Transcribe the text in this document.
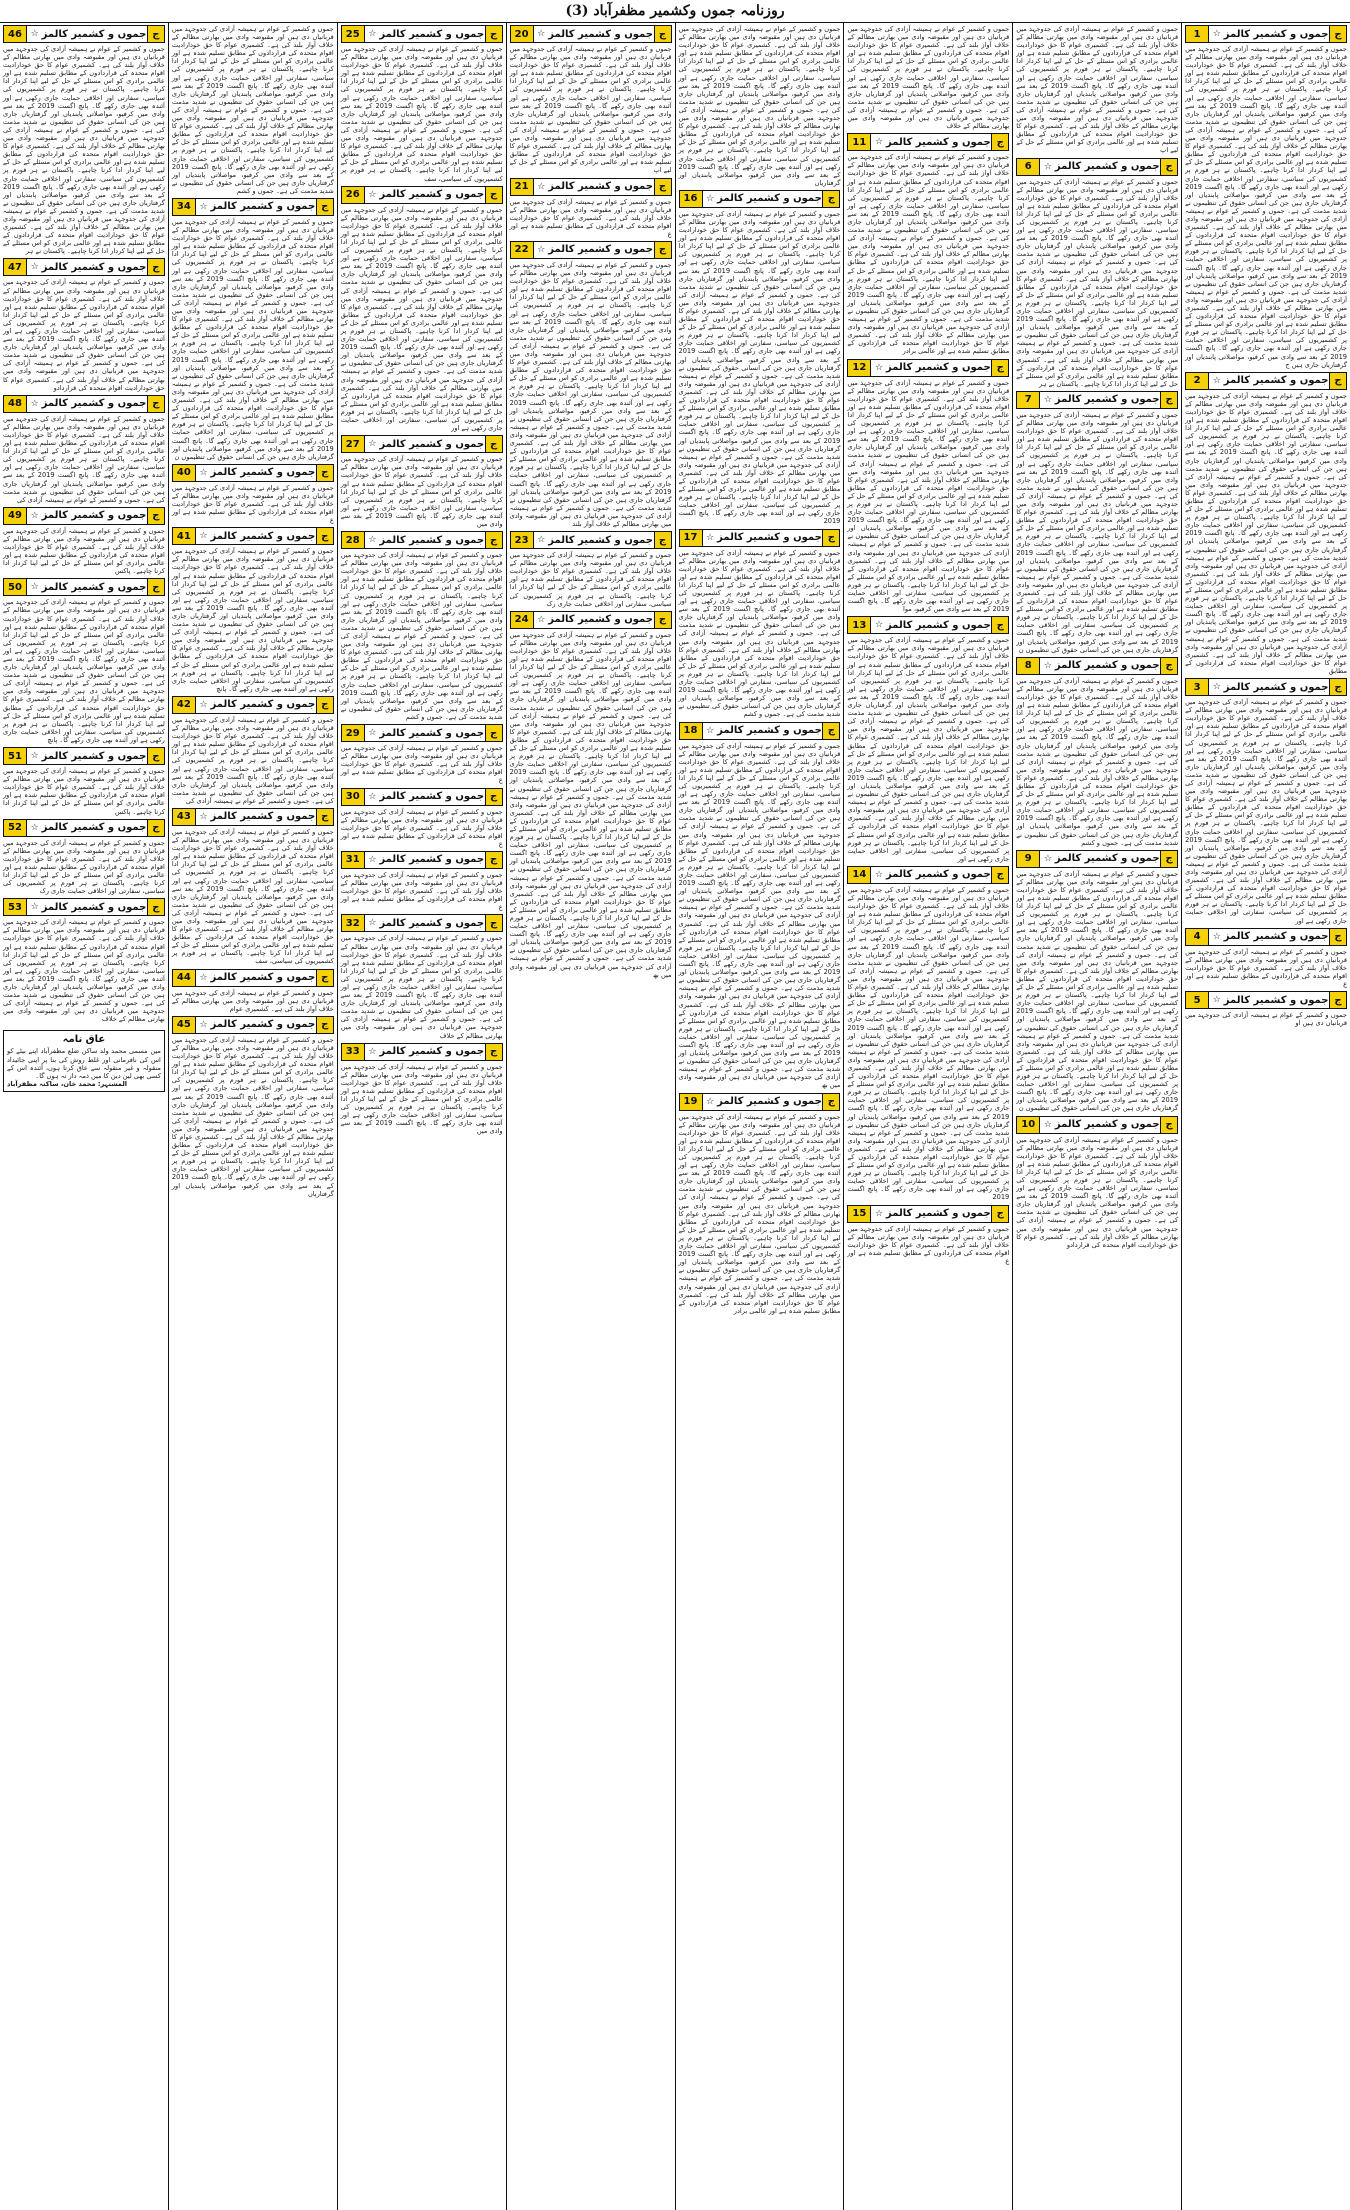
روزنامہ جموں وکشمیر مظفرآباد (3)
ج
جموں و کشمیر کالمز
☆
1
جموں و کشمیر کے عوام نے ہمیشہ آزادی کی جدوجہد میں قربانیاں دی ہیں اور مقبوضہ وادی میں بھارتی مظالم کے خلاف آواز بلند کی ہے۔ کشمیری عوام کا حق خودارادیت اقوام متحدہ کی قراردادوں کے مطابق تسلیم شدہ ہے اور عالمی برادری کو اس مسئلے کے حل کے لیے اپنا کردار ادا کرنا چاہیے۔ پاکستان نے ہر فورم پر کشمیریوں کی سیاسی، سفارتی اور اخلاقی حمایت جاری رکھی ہے اور آئندہ بھی جاری رکھے گا۔ پانچ اگست 2019 کے بعد سے وادی میں کرفیو، مواصلاتی پابندیاں اور گرفتاریاں جاری ہیں جن کی انسانی حقوق کی تنظیموں نے شدید مذمت کی ہے۔ جموں و کشمیر کے عوام نے ہمیشہ آزادی کی جدوجہد میں قربانیاں دی ہیں اور مقبوضہ وادی میں بھارتی مظالم کے خلاف آواز بلند کی ہے۔ کشمیری عوام کا حق خودارادیت اقوام متحدہ کی قراردادوں کے مطابق تسلیم شدہ ہے اور عالمی برادری کو اس مسئلے کے حل کے لیے اپنا کردار ادا کرنا چاہیے۔ پاکستان نے ہر فورم پر کشمیریوں کی سیاسی، سفارتی اور اخلاقی حمایت جاری رکھی ہے اور آئندہ بھی جاری رکھے گا۔ پانچ اگست 2019 کے بعد سے وادی میں کرفیو، مواصلاتی پابندیاں اور گرفتاریاں جاری ہیں جن کی انسانی حقوق کی تنظیموں نے شدید مذمت کی ہے۔ جموں و کشمیر کے عوام نے ہمیشہ آزادی کی جدوجہد میں قربانیاں دی ہیں اور مقبوضہ وادی میں بھارتی مظالم کے خلاف آواز بلند کی ہے۔ کشمیری عوام کا حق خودارادیت اقوام متحدہ کی قراردادوں کے مطابق تسلیم شدہ ہے اور عالمی برادری کو اس مسئلے کے حل کے لیے اپنا کردار ادا کرنا چاہیے۔ پاکستان نے ہر فورم پر کشمیریوں کی سیاسی، سفارتی اور اخلاقی حمایت جاری رکھی ہے اور آئندہ بھی جاری رکھے گا۔ پانچ اگست 2019 کے بعد سے وادی میں کرفیو، مواصلاتی پابندیاں اور گرفتاریاں جاری ہیں جن کی انسانی حقوق کی تنظیموں نے شدید مذمت کی ہے۔ جموں و کشمیر کے عوام نے ہمیشہ آزادی کی جدوجہد میں قربانیاں دی ہیں اور مقبوضہ وادی میں بھارتی مظالم کے خلاف آواز بلند کی ہے۔ کشمیری عوام کا حق خودارادیت اقوام متحدہ کی قراردادوں کے مطابق تسلیم شدہ ہے اور عالمی برادری کو اس مسئلے کے حل کے لیے اپنا کردار ادا کرنا چاہیے۔ پاکستان نے ہر فورم پر کشمیریوں کی سیاسی، سفارتی اور اخلاقی حمایت جاری رکھی ہے اور آئندہ بھی جاری رکھے گا۔ پانچ اگست 2019 کے بعد سے وادی میں کرفیو، مواصلاتی پابندیاں اور گرفتاریاں جاری ہیں ج
ج
جموں و کشمیر کالمز
☆
2
جموں و کشمیر کے عوام نے ہمیشہ آزادی کی جدوجہد میں قربانیاں دی ہیں اور مقبوضہ وادی میں بھارتی مظالم کے خلاف آواز بلند کی ہے۔ کشمیری عوام کا حق خودارادیت اقوام متحدہ کی قراردادوں کے مطابق تسلیم شدہ ہے اور عالمی برادری کو اس مسئلے کے حل کے لیے اپنا کردار ادا کرنا چاہیے۔ پاکستان نے ہر فورم پر کشمیریوں کی سیاسی، سفارتی اور اخلاقی حمایت جاری رکھی ہے اور آئندہ بھی جاری رکھے گا۔ پانچ اگست 2019 کے بعد سے وادی میں کرفیو، مواصلاتی پابندیاں اور گرفتاریاں جاری ہیں جن کی انسانی حقوق کی تنظیموں نے شدید مذمت کی ہے۔ جموں و کشمیر کے عوام نے ہمیشہ آزادی کی جدوجہد میں قربانیاں دی ہیں اور مقبوضہ وادی میں بھارتی مظالم کے خلاف آواز بلند کی ہے۔ کشمیری عوام کا حق خودارادیت اقوام متحدہ کی قراردادوں کے مطابق تسلیم شدہ ہے اور عالمی برادری کو اس مسئلے کے حل کے لیے اپنا کردار ادا کرنا چاہیے۔ پاکستان نے ہر فورم پر کشمیریوں کی سیاسی، سفارتی اور اخلاقی حمایت جاری رکھی ہے اور آئندہ بھی جاری رکھے گا۔ پانچ اگست 2019 کے بعد سے وادی میں کرفیو، مواصلاتی پابندیاں اور گرفتاریاں جاری ہیں جن کی انسانی حقوق کی تنظیموں نے شدید مذمت کی ہے۔ جموں و کشمیر کے عوام نے ہمیشہ آزادی کی جدوجہد میں قربانیاں دی ہیں اور مقبوضہ وادی میں بھارتی مظالم کے خلاف آواز بلند کی ہے۔ کشمیری عوام کا حق خودارادیت اقوام متحدہ کی قراردادوں کے مطابق تسلیم شدہ ہے اور عالمی برادری کو اس مسئلے کے حل کے لیے اپنا کردار ادا کرنا چاہیے۔ پاکستان نے ہر فورم پر کشمیریوں کی سیاسی، سفارتی اور اخلاقی حمایت جاری رکھی ہے اور آئندہ بھی جاری رکھے گا۔ پانچ اگست 2019 کے بعد سے وادی میں کرفیو، مواصلاتی پابندیاں اور گرفتاریاں جاری ہیں جن کی انسانی حقوق کی تنظیموں نے شدید مذمت کی ہے۔ جموں و کشمیر کے عوام نے ہمیشہ آزادی کی جدوجہد میں قربانیاں دی ہیں اور مقبوضہ وادی میں بھارتی مظالم کے خلاف آواز بلند کی ہے۔ کشمیری عوام کا حق خودارادیت اقوام متحدہ کی قراردادوں کے مطابق
ج
جموں و کشمیر کالمز
☆
3
جموں و کشمیر کے عوام نے ہمیشہ آزادی کی جدوجہد میں قربانیاں دی ہیں اور مقبوضہ وادی میں بھارتی مظالم کے خلاف آواز بلند کی ہے۔ کشمیری عوام کا حق خودارادیت اقوام متحدہ کی قراردادوں کے مطابق تسلیم شدہ ہے اور عالمی برادری کو اس مسئلے کے حل کے لیے اپنا کردار ادا کرنا چاہیے۔ پاکستان نے ہر فورم پر کشمیریوں کی سیاسی، سفارتی اور اخلاقی حمایت جاری رکھی ہے اور آئندہ بھی جاری رکھے گا۔ پانچ اگست 2019 کے بعد سے وادی میں کرفیو، مواصلاتی پابندیاں اور گرفتاریاں جاری ہیں جن کی انسانی حقوق کی تنظیموں نے شدید مذمت کی ہے۔ جموں و کشمیر کے عوام نے ہمیشہ آزادی کی جدوجہد میں قربانیاں دی ہیں اور مقبوضہ وادی میں بھارتی مظالم کے خلاف آواز بلند کی ہے۔ کشمیری عوام کا حق خودارادیت اقوام متحدہ کی قراردادوں کے مطابق تسلیم شدہ ہے اور عالمی برادری کو اس مسئلے کے حل کے لیے اپنا کردار ادا کرنا چاہیے۔ پاکستان نے ہر فورم پر کشمیریوں کی سیاسی، سفارتی اور اخلاقی حمایت جاری رکھی ہے اور آئندہ بھی جاری رکھے گا۔ پانچ اگست 2019 کے بعد سے وادی میں کرفیو، مواصلاتی پابندیاں اور گرفتاریاں جاری ہیں جن کی انسانی حقوق کی تنظیموں نے شدید مذمت کی ہے۔ جموں و کشمیر کے عوام نے ہمیشہ آزادی کی جدوجہد میں قربانیاں دی ہیں اور مقبوضہ وادی میں بھارتی مظالم کے خلاف آواز بلند کی ہے۔ کشمیری عوام کا حق خودارادیت اقوام متحدہ کی قراردادوں کے مطابق تسلیم شدہ ہے اور عالمی برادری کو اس مسئلے کے حل کے لیے اپنا کردار ادا کرنا چاہیے۔ پاکستان نے ہر فورم پر کشمیریوں کی سیاسی، سفارتی اور اخلاقی حمایت جاری رکھی ہے اور
ج
جموں و کشمیر کالمز
☆
4
جموں و کشمیر کے عوام نے ہمیشہ آزادی کی جدوجہد میں قربانیاں دی ہیں اور مقبوضہ وادی میں بھارتی مظالم کے خلاف آواز بلند کی ہے۔ کشمیری عوام کا حق خودارادیت اقوام متحدہ کی قراردادوں کے مطابق تسلیم شدہ ہے اور ع
ج
جموں و کشمیر کالمز
☆
5
جموں و کشمیر کے عوام نے ہمیشہ آزادی کی جدوجہد میں قربانیاں دی ہیں او
جموں و کشمیر کے عوام نے ہمیشہ آزادی کی جدوجہد میں قربانیاں دی ہیں اور مقبوضہ وادی میں بھارتی مظالم کے خلاف آواز بلند کی ہے۔ کشمیری عوام کا حق خودارادیت اقوام متحدہ کی قراردادوں کے مطابق تسلیم شدہ ہے اور عالمی برادری کو اس مسئلے کے حل کے لیے اپنا کردار ادا کرنا چاہیے۔ پاکستان نے ہر فورم پر کشمیریوں کی سیاسی، سفارتی اور اخلاقی حمایت جاری رکھی ہے اور آئندہ بھی جاری رکھے گا۔ پانچ اگست 2019 کے بعد سے وادی میں کرفیو، مواصلاتی پابندیاں اور گرفتاریاں جاری ہیں جن کی انسانی حقوق کی تنظیموں نے شدید مذمت کی ہے۔ جموں و کشمیر کے عوام نے ہمیشہ آزادی کی جدوجہد میں قربانیاں دی ہیں اور مقبوضہ وادی میں بھارتی مظالم کے خلاف آواز بلند کی ہے۔ کشمیری عوام کا حق خودارادیت اقوام متحدہ کی قراردادوں کے مطابق تسلیم شدہ ہے اور عالمی برادری کو اس مسئلے کے حل کے لیے اپ
ج
جموں و کشمیر کالمز
☆
6
جموں و کشمیر کے عوام نے ہمیشہ آزادی کی جدوجہد میں قربانیاں دی ہیں اور مقبوضہ وادی میں بھارتی مظالم کے خلاف آواز بلند کی ہے۔ کشمیری عوام کا حق خودارادیت اقوام متحدہ کی قراردادوں کے مطابق تسلیم شدہ ہے اور عالمی برادری کو اس مسئلے کے حل کے لیے اپنا کردار ادا کرنا چاہیے۔ پاکستان نے ہر فورم پر کشمیریوں کی سیاسی، سفارتی اور اخلاقی حمایت جاری رکھی ہے اور آئندہ بھی جاری رکھے گا۔ پانچ اگست 2019 کے بعد سے وادی میں کرفیو، مواصلاتی پابندیاں اور گرفتاریاں جاری ہیں جن کی انسانی حقوق کی تنظیموں نے شدید مذمت کی ہے۔ جموں و کشمیر کے عوام نے ہمیشہ آزادی کی جدوجہد میں قربانیاں دی ہیں اور مقبوضہ وادی میں بھارتی مظالم کے خلاف آواز بلند کی ہے۔ کشمیری عوام کا حق خودارادیت اقوام متحدہ کی قراردادوں کے مطابق تسلیم شدہ ہے اور عالمی برادری کو اس مسئلے کے حل کے لیے اپنا کردار ادا کرنا چاہیے۔ پاکستان نے ہر فورم پر کشمیریوں کی سیاسی، سفارتی اور اخلاقی حمایت جاری رکھی ہے اور آئندہ بھی جاری رکھے گا۔ پانچ اگست 2019 کے بعد سے وادی میں کرفیو، مواصلاتی پابندیاں اور گرفتاریاں جاری ہیں جن کی انسانی حقوق کی تنظیموں نے شدید مذمت کی ہے۔ جموں و کشمیر کے عوام نے ہمیشہ آزادی کی جدوجہد میں قربانیاں دی ہیں اور مقبوضہ وادی میں بھارتی مظالم کے خلاف آواز بلند کی ہے۔ کشمیری عوام کا حق خودارادیت اقوام متحدہ کی قراردادوں کے مطابق تسلیم شدہ ہے اور عالمی برادری کو اس مسئلے کے حل کے لیے اپنا کردار ادا کرنا چاہیے۔ پاکستان نے ہر
ج
جموں و کشمیر کالمز
☆
7
جموں و کشمیر کے عوام نے ہمیشہ آزادی کی جدوجہد میں قربانیاں دی ہیں اور مقبوضہ وادی میں بھارتی مظالم کے خلاف آواز بلند کی ہے۔ کشمیری عوام کا حق خودارادیت اقوام متحدہ کی قراردادوں کے مطابق تسلیم شدہ ہے اور عالمی برادری کو اس مسئلے کے حل کے لیے اپنا کردار ادا کرنا چاہیے۔ پاکستان نے ہر فورم پر کشمیریوں کی سیاسی، سفارتی اور اخلاقی حمایت جاری رکھی ہے اور آئندہ بھی جاری رکھے گا۔ پانچ اگست 2019 کے بعد سے وادی میں کرفیو، مواصلاتی پابندیاں اور گرفتاریاں جاری ہیں جن کی انسانی حقوق کی تنظیموں نے شدید مذمت کی ہے۔ جموں و کشمیر کے عوام نے ہمیشہ آزادی کی جدوجہد میں قربانیاں دی ہیں اور مقبوضہ وادی میں بھارتی مظالم کے خلاف آواز بلند کی ہے۔ کشمیری عوام کا حق خودارادیت اقوام متحدہ کی قراردادوں کے مطابق تسلیم شدہ ہے اور عالمی برادری کو اس مسئلے کے حل کے لیے اپنا کردار ادا کرنا چاہیے۔ پاکستان نے ہر فورم پر کشمیریوں کی سیاسی، سفارتی اور اخلاقی حمایت جاری رکھی ہے اور آئندہ بھی جاری رکھے گا۔ پانچ اگست 2019 کے بعد سے وادی میں کرفیو، مواصلاتی پابندیاں اور گرفتاریاں جاری ہیں جن کی انسانی حقوق کی تنظیموں نے شدید مذمت کی ہے۔ جموں و کشمیر کے عوام نے ہمیشہ آزادی کی جدوجہد میں قربانیاں دی ہیں اور مقبوضہ وادی میں بھارتی مظالم کے خلاف آواز بلند کی ہے۔ کشمیری عوام کا حق خودارادیت اقوام متحدہ کی قراردادوں کے مطابق تسلیم شدہ ہے اور عالمی برادری کو اس مسئلے کے حل کے لیے اپنا کردار ادا کرنا چاہیے۔ پاکستان نے ہر فورم پر کشمیریوں کی سیاسی، سفارتی اور اخلاقی حمایت جاری رکھی ہے اور آئندہ بھی جاری رکھے گا۔ پانچ اگست 2019 کے بعد سے وادی میں کرفیو، مواصلاتی پابندیاں اور گرفتاریاں جاری ہیں جن کی انسانی حقوق کی تنظیموں ن
ج
جموں و کشمیر کالمز
☆
8
جموں و کشمیر کے عوام نے ہمیشہ آزادی کی جدوجہد میں قربانیاں دی ہیں اور مقبوضہ وادی میں بھارتی مظالم کے خلاف آواز بلند کی ہے۔ کشمیری عوام کا حق خودارادیت اقوام متحدہ کی قراردادوں کے مطابق تسلیم شدہ ہے اور عالمی برادری کو اس مسئلے کے حل کے لیے اپنا کردار ادا کرنا چاہیے۔ پاکستان نے ہر فورم پر کشمیریوں کی سیاسی، سفارتی اور اخلاقی حمایت جاری رکھی ہے اور آئندہ بھی جاری رکھے گا۔ پانچ اگست 2019 کے بعد سے وادی میں کرفیو، مواصلاتی پابندیاں اور گرفتاریاں جاری ہیں جن کی انسانی حقوق کی تنظیموں نے شدید مذمت کی ہے۔ جموں و کشمیر کے عوام نے ہمیشہ آزادی کی جدوجہد میں قربانیاں دی ہیں اور مقبوضہ وادی میں بھارتی مظالم کے خلاف آواز بلند کی ہے۔ کشمیری عوام کا حق خودارادیت اقوام متحدہ کی قراردادوں کے مطابق تسلیم شدہ ہے اور عالمی برادری کو اس مسئلے کے حل کے لیے اپنا کردار ادا کرنا چاہیے۔ پاکستان نے ہر فورم پر کشمیریوں کی سیاسی، سفارتی اور اخلاقی حمایت جاری رکھی ہے اور آئندہ بھی جاری رکھے گا۔ پانچ اگست 2019 کے بعد سے وادی میں کرفیو، مواصلاتی پابندیاں اور گرفتاریاں جاری ہیں جن کی انسانی حقوق کی تنظیموں نے شدید مذمت کی ہے۔ جموں و کشم
ج
جموں و کشمیر کالمز
☆
9
جموں و کشمیر کے عوام نے ہمیشہ آزادی کی جدوجہد میں قربانیاں دی ہیں اور مقبوضہ وادی میں بھارتی مظالم کے خلاف آواز بلند کی ہے۔ کشمیری عوام کا حق خودارادیت اقوام متحدہ کی قراردادوں کے مطابق تسلیم شدہ ہے اور عالمی برادری کو اس مسئلے کے حل کے لیے اپنا کردار ادا کرنا چاہیے۔ پاکستان نے ہر فورم پر کشمیریوں کی سیاسی، سفارتی اور اخلاقی حمایت جاری رکھی ہے اور آئندہ بھی جاری رکھے گا۔ پانچ اگست 2019 کے بعد سے وادی میں کرفیو، مواصلاتی پابندیاں اور گرفتاریاں جاری ہیں جن کی انسانی حقوق کی تنظیموں نے شدید مذمت کی ہے۔ جموں و کشمیر کے عوام نے ہمیشہ آزادی کی جدوجہد میں قربانیاں دی ہیں اور مقبوضہ وادی میں بھارتی مظالم کے خلاف آواز بلند کی ہے۔ کشمیری عوام کا حق خودارادیت اقوام متحدہ کی قراردادوں کے مطابق تسلیم شدہ ہے اور عالمی برادری کو اس مسئلے کے حل کے لیے اپنا کردار ادا کرنا چاہیے۔ پاکستان نے ہر فورم پر کشمیریوں کی سیاسی، سفارتی اور اخلاقی حمایت جاری رکھی ہے اور آئندہ بھی جاری رکھے گا۔ پانچ اگست 2019 کے بعد سے وادی میں کرفیو، مواصلاتی پابندیاں اور گرفتاریاں جاری ہیں جن کی انسانی حقوق کی تنظیموں نے شدید مذمت کی ہے۔ جموں و کشمیر کے عوام نے ہمیشہ آزادی کی جدوجہد میں قربانیاں دی ہیں اور مقبوضہ وادی میں بھارتی مظالم کے خلاف آواز بلند کی ہے۔ کشمیری عوام کا حق خودارادیت اقوام متحدہ کی قراردادوں کے مطابق تسلیم شدہ ہے اور عالمی برادری کو اس مسئلے کے حل کے لیے اپنا کردار ادا کرنا چاہیے۔ پاکستان نے ہر فورم پر کشمیریوں کی سیاسی، سفارتی اور اخلاقی حمایت جاری رکھی ہے اور آئندہ بھی جاری رکھے گا۔ پانچ اگست 2019 کے بعد سے وادی میں کرفیو، مواصلاتی پابندیاں اور گرفتاریاں جاری ہیں جن کی انسانی حقوق کی تنظیموں ن
ج
جموں و کشمیر کالمز
☆
10
جموں و کشمیر کے عوام نے ہمیشہ آزادی کی جدوجہد میں قربانیاں دی ہیں اور مقبوضہ وادی میں بھارتی مظالم کے خلاف آواز بلند کی ہے۔ کشمیری عوام کا حق خودارادیت اقوام متحدہ کی قراردادوں کے مطابق تسلیم شدہ ہے اور عالمی برادری کو اس مسئلے کے حل کے لیے اپنا کردار ادا کرنا چاہیے۔ پاکستان نے ہر فورم پر کشمیریوں کی سیاسی، سفارتی اور اخلاقی حمایت جاری رکھی ہے اور آئندہ بھی جاری رکھے گا۔ پانچ اگست 2019 کے بعد سے وادی میں کرفیو، مواصلاتی پابندیاں اور گرفتاریاں جاری ہیں جن کی انسانی حقوق کی تنظیموں نے شدید مذمت کی ہے۔ جموں و کشمیر کے عوام نے ہمیشہ آزادی کی جدوجہد میں قربانیاں دی ہیں اور مقبوضہ وادی میں بھارتی مظالم کے خلاف آواز بلند کی ہے۔ کشمیری عوام کا حق خودارادیت اقوام متحدہ کی قراردادو
جموں و کشمیر کے عوام نے ہمیشہ آزادی کی جدوجہد میں قربانیاں دی ہیں اور مقبوضہ وادی میں بھارتی مظالم کے خلاف آواز بلند کی ہے۔ کشمیری عوام کا حق خودارادیت اقوام متحدہ کی قراردادوں کے مطابق تسلیم شدہ ہے اور عالمی برادری کو اس مسئلے کے حل کے لیے اپنا کردار ادا کرنا چاہیے۔ پاکستان نے ہر فورم پر کشمیریوں کی سیاسی، سفارتی اور اخلاقی حمایت جاری رکھی ہے اور آئندہ بھی جاری رکھے گا۔ پانچ اگست 2019 کے بعد سے وادی میں کرفیو، مواصلاتی پابندیاں اور گرفتاریاں جاری ہیں جن کی انسانی حقوق کی تنظیموں نے شدید مذمت کی ہے۔ جموں و کشمیر کے عوام نے ہمیشہ آزادی کی جدوجہد میں قربانیاں دی ہیں اور مقبوضہ وادی میں بھارتی مظالم کے خلاف
ج
جموں و کشمیر کالمز
☆
11
جموں و کشمیر کے عوام نے ہمیشہ آزادی کی جدوجہد میں قربانیاں دی ہیں اور مقبوضہ وادی میں بھارتی مظالم کے خلاف آواز بلند کی ہے۔ کشمیری عوام کا حق خودارادیت اقوام متحدہ کی قراردادوں کے مطابق تسلیم شدہ ہے اور عالمی برادری کو اس مسئلے کے حل کے لیے اپنا کردار ادا کرنا چاہیے۔ پاکستان نے ہر فورم پر کشمیریوں کی سیاسی، سفارتی اور اخلاقی حمایت جاری رکھی ہے اور آئندہ بھی جاری رکھے گا۔ پانچ اگست 2019 کے بعد سے وادی میں کرفیو، مواصلاتی پابندیاں اور گرفتاریاں جاری ہیں جن کی انسانی حقوق کی تنظیموں نے شدید مذمت کی ہے۔ جموں و کشمیر کے عوام نے ہمیشہ آزادی کی جدوجہد میں قربانیاں دی ہیں اور مقبوضہ وادی میں بھارتی مظالم کے خلاف آواز بلند کی ہے۔ کشمیری عوام کا حق خودارادیت اقوام متحدہ کی قراردادوں کے مطابق تسلیم شدہ ہے اور عالمی برادری کو اس مسئلے کے حل کے لیے اپنا کردار ادا کرنا چاہیے۔ پاکستان نے ہر فورم پر کشمیریوں کی سیاسی، سفارتی اور اخلاقی حمایت جاری رکھی ہے اور آئندہ بھی جاری رکھے گا۔ پانچ اگست 2019 کے بعد سے وادی میں کرفیو، مواصلاتی پابندیاں اور گرفتاریاں جاری ہیں جن کی انسانی حقوق کی تنظیموں نے شدید مذمت کی ہے۔ جموں و کشمیر کے عوام نے ہمیشہ آزادی کی جدوجہد میں قربانیاں دی ہیں اور مقبوضہ وادی میں بھارتی مظالم کے خلاف آواز بلند کی ہے۔ کشمیری عوام کا حق خودارادیت اقوام متحدہ کی قراردادوں کے مطابق تسلیم شدہ ہے اور عالمی برادر
ج
جموں و کشمیر کالمز
☆
12
جموں و کشمیر کے عوام نے ہمیشہ آزادی کی جدوجہد میں قربانیاں دی ہیں اور مقبوضہ وادی میں بھارتی مظالم کے خلاف آواز بلند کی ہے۔ کشمیری عوام کا حق خودارادیت اقوام متحدہ کی قراردادوں کے مطابق تسلیم شدہ ہے اور عالمی برادری کو اس مسئلے کے حل کے لیے اپنا کردار ادا کرنا چاہیے۔ پاکستان نے ہر فورم پر کشمیریوں کی سیاسی، سفارتی اور اخلاقی حمایت جاری رکھی ہے اور آئندہ بھی جاری رکھے گا۔ پانچ اگست 2019 کے بعد سے وادی میں کرفیو، مواصلاتی پابندیاں اور گرفتاریاں جاری ہیں جن کی انسانی حقوق کی تنظیموں نے شدید مذمت کی ہے۔ جموں و کشمیر کے عوام نے ہمیشہ آزادی کی جدوجہد میں قربانیاں دی ہیں اور مقبوضہ وادی میں بھارتی مظالم کے خلاف آواز بلند کی ہے۔ کشمیری عوام کا حق خودارادیت اقوام متحدہ کی قراردادوں کے مطابق تسلیم شدہ ہے اور عالمی برادری کو اس مسئلے کے حل کے لیے اپنا کردار ادا کرنا چاہیے۔ پاکستان نے ہر فورم پر کشمیریوں کی سیاسی، سفارتی اور اخلاقی حمایت جاری رکھی ہے اور آئندہ بھی جاری رکھے گا۔ پانچ اگست 2019 کے بعد سے وادی میں کرفیو، مواصلاتی پابندیاں اور گرفتاریاں جاری ہیں جن کی انسانی حقوق کی تنظیموں نے شدید مذمت کی ہے۔ جموں و کشمیر کے عوام نے ہمیشہ آزادی کی جدوجہد میں قربانیاں دی ہیں اور مقبوضہ وادی میں بھارتی مظالم کے خلاف آواز بلند کی ہے۔ کشمیری عوام کا حق خودارادیت اقوام متحدہ کی قراردادوں کے مطابق تسلیم شدہ ہے اور عالمی برادری کو اس مسئلے کے حل کے لیے اپنا کردار ادا کرنا چاہیے۔ پاکستان نے ہر فورم پر کشمیریوں کی سیاسی، سفارتی اور اخلاقی حمایت جاری رکھی ہے اور آئندہ بھی جاری رکھے گا۔ پانچ اگست 2019 کے بعد سے وادی میں کرفیو، موا
ج
جموں و کشمیر کالمز
☆
13
جموں و کشمیر کے عوام نے ہمیشہ آزادی کی جدوجہد میں قربانیاں دی ہیں اور مقبوضہ وادی میں بھارتی مظالم کے خلاف آواز بلند کی ہے۔ کشمیری عوام کا حق خودارادیت اقوام متحدہ کی قراردادوں کے مطابق تسلیم شدہ ہے اور عالمی برادری کو اس مسئلے کے حل کے لیے اپنا کردار ادا کرنا چاہیے۔ پاکستان نے ہر فورم پر کشمیریوں کی سیاسی، سفارتی اور اخلاقی حمایت جاری رکھی ہے اور آئندہ بھی جاری رکھے گا۔ پانچ اگست 2019 کے بعد سے وادی میں کرفیو، مواصلاتی پابندیاں اور گرفتاریاں جاری ہیں جن کی انسانی حقوق کی تنظیموں نے شدید مذمت کی ہے۔ جموں و کشمیر کے عوام نے ہمیشہ آزادی کی جدوجہد میں قربانیاں دی ہیں اور مقبوضہ وادی میں بھارتی مظالم کے خلاف آواز بلند کی ہے۔ کشمیری عوام کا حق خودارادیت اقوام متحدہ کی قراردادوں کے مطابق تسلیم شدہ ہے اور عالمی برادری کو اس مسئلے کے حل کے لیے اپنا کردار ادا کرنا چاہیے۔ پاکستان نے ہر فورم پر کشمیریوں کی سیاسی، سفارتی اور اخلاقی حمایت جاری رکھی ہے اور آئندہ بھی جاری رکھے گا۔ پانچ اگست 2019 کے بعد سے وادی میں کرفیو، مواصلاتی پابندیاں اور گرفتاریاں جاری ہیں جن کی انسانی حقوق کی تنظیموں نے شدید مذمت کی ہے۔ جموں و کشمیر کے عوام نے ہمیشہ آزادی کی جدوجہد میں قربانیاں دی ہیں اور مقبوضہ وادی میں بھارتی مظالم کے خلاف آواز بلند کی ہے۔ کشمیری عوام کا حق خودارادیت اقوام متحدہ کی قراردادوں کے مطابق تسلیم شدہ ہے اور عالمی برادری کو اس مسئلے کے حل کے لیے اپنا کردار ادا کرنا چاہیے۔ پاکستان نے ہر فورم پر کشمیریوں کی سیاسی، سفارتی اور اخلاقی حمایت جاری رکھی ہے اور
ج
جموں و کشمیر کالمز
☆
14
جموں و کشمیر کے عوام نے ہمیشہ آزادی کی جدوجہد میں قربانیاں دی ہیں اور مقبوضہ وادی میں بھارتی مظالم کے خلاف آواز بلند کی ہے۔ کشمیری عوام کا حق خودارادیت اقوام متحدہ کی قراردادوں کے مطابق تسلیم شدہ ہے اور عالمی برادری کو اس مسئلے کے حل کے لیے اپنا کردار ادا کرنا چاہیے۔ پاکستان نے ہر فورم پر کشمیریوں کی سیاسی، سفارتی اور اخلاقی حمایت جاری رکھی ہے اور آئندہ بھی جاری رکھے گا۔ پانچ اگست 2019 کے بعد سے وادی میں کرفیو، مواصلاتی پابندیاں اور گرفتاریاں جاری ہیں جن کی انسانی حقوق کی تنظیموں نے شدید مذمت کی ہے۔ جموں و کشمیر کے عوام نے ہمیشہ آزادی کی جدوجہد میں قربانیاں دی ہیں اور مقبوضہ وادی میں بھارتی مظالم کے خلاف آواز بلند کی ہے۔ کشمیری عوام کا حق خودارادیت اقوام متحدہ کی قراردادوں کے مطابق تسلیم شدہ ہے اور عالمی برادری کو اس مسئلے کے حل کے لیے اپنا کردار ادا کرنا چاہیے۔ پاکستان نے ہر فورم پر کشمیریوں کی سیاسی، سفارتی اور اخلاقی حمایت جاری رکھی ہے اور آئندہ بھی جاری رکھے گا۔ پانچ اگست 2019 کے بعد سے وادی میں کرفیو، مواصلاتی پابندیاں اور گرفتاریاں جاری ہیں جن کی انسانی حقوق کی تنظیموں نے شدید مذمت کی ہے۔ جموں و کشمیر کے عوام نے ہمیشہ آزادی کی جدوجہد میں قربانیاں دی ہیں اور مقبوضہ وادی میں بھارتی مظالم کے خلاف آواز بلند کی ہے۔ کشمیری عوام کا حق خودارادیت اقوام متحدہ کی قراردادوں کے مطابق تسلیم شدہ ہے اور عالمی برادری کو اس مسئلے کے حل کے لیے اپنا کردار ادا کرنا چاہیے۔ پاکستان نے ہر فورم پر کشمیریوں کی سیاسی، سفارتی اور اخلاقی حمایت جاری رکھی ہے اور آئندہ بھی جاری رکھے گا۔ پانچ اگست 2019 کے بعد سے وادی میں کرفیو، مواصلاتی پابندیاں اور گرفتاریاں جاری ہیں جن کی انسانی حقوق کی تنظیموں نے شدید مذمت کی ہے۔ جموں و کشمیر کے عوام نے ہمیشہ آزادی کی جدوجہد میں قربانیاں دی ہیں اور مقبوضہ وادی میں بھارتی مظالم کے خلاف آواز بلند کی ہے۔ کشمیری عوام کا حق خودارادیت اقوام متحدہ کی قراردادوں کے مطابق تسلیم شدہ ہے اور عالمی برادری کو اس مسئلے کے حل کے لیے اپنا کردار ادا کرنا چاہیے۔ پاکستان نے ہر فورم پر کشمیریوں کی سیاسی، سفارتی اور اخلاقی حمایت جاری رکھی ہے اور آئندہ بھی جاری رکھے گا۔ پانچ اگست 2019
ج
جموں و کشمیر کالمز
☆
15
جموں و کشمیر کے عوام نے ہمیشہ آزادی کی جدوجہد میں قربانیاں دی ہیں اور مقبوضہ وادی میں بھارتی مظالم کے خلاف آواز بلند کی ہے۔ کشمیری عوام کا حق خودارادیت اقوام متحدہ کی قراردادوں کے مطابق تسلیم شدہ ہے اور ع
جموں و کشمیر کے عوام نے ہمیشہ آزادی کی جدوجہد میں قربانیاں دی ہیں اور مقبوضہ وادی میں بھارتی مظالم کے خلاف آواز بلند کی ہے۔ کشمیری عوام کا حق خودارادیت اقوام متحدہ کی قراردادوں کے مطابق تسلیم شدہ ہے اور عالمی برادری کو اس مسئلے کے حل کے لیے اپنا کردار ادا کرنا چاہیے۔ پاکستان نے ہر فورم پر کشمیریوں کی سیاسی، سفارتی اور اخلاقی حمایت جاری رکھی ہے اور آئندہ بھی جاری رکھے گا۔ پانچ اگست 2019 کے بعد سے وادی میں کرفیو، مواصلاتی پابندیاں اور گرفتاریاں جاری ہیں جن کی انسانی حقوق کی تنظیموں نے شدید مذمت کی ہے۔ جموں و کشمیر کے عوام نے ہمیشہ آزادی کی جدوجہد میں قربانیاں دی ہیں اور مقبوضہ وادی میں بھارتی مظالم کے خلاف آواز بلند کی ہے۔ کشمیری عوام کا حق خودارادیت اقوام متحدہ کی قراردادوں کے مطابق تسلیم شدہ ہے اور عالمی برادری کو اس مسئلے کے حل کے لیے اپنا کردار ادا کرنا چاہیے۔ پاکستان نے ہر فورم پر کشمیریوں کی سیاسی، سفارتی اور اخلاقی حمایت جاری رکھی ہے اور آئندہ بھی جاری رکھے گا۔ پانچ اگست 2019 کے بعد سے وادی میں کرفیو، مواصلاتی پابندیاں اور گرفتاریاں
ج
جموں و کشمیر کالمز
☆
16
جموں و کشمیر کے عوام نے ہمیشہ آزادی کی جدوجہد میں قربانیاں دی ہیں اور مقبوضہ وادی میں بھارتی مظالم کے خلاف آواز بلند کی ہے۔ کشمیری عوام کا حق خودارادیت اقوام متحدہ کی قراردادوں کے مطابق تسلیم شدہ ہے اور عالمی برادری کو اس مسئلے کے حل کے لیے اپنا کردار ادا کرنا چاہیے۔ پاکستان نے ہر فورم پر کشمیریوں کی سیاسی، سفارتی اور اخلاقی حمایت جاری رکھی ہے اور آئندہ بھی جاری رکھے گا۔ پانچ اگست 2019 کے بعد سے وادی میں کرفیو، مواصلاتی پابندیاں اور گرفتاریاں جاری ہیں جن کی انسانی حقوق کی تنظیموں نے شدید مذمت کی ہے۔ جموں و کشمیر کے عوام نے ہمیشہ آزادی کی جدوجہد میں قربانیاں دی ہیں اور مقبوضہ وادی میں بھارتی مظالم کے خلاف آواز بلند کی ہے۔ کشمیری عوام کا حق خودارادیت اقوام متحدہ کی قراردادوں کے مطابق تسلیم شدہ ہے اور عالمی برادری کو اس مسئلے کے حل کے لیے اپنا کردار ادا کرنا چاہیے۔ پاکستان نے ہر فورم پر کشمیریوں کی سیاسی، سفارتی اور اخلاقی حمایت جاری رکھی ہے اور آئندہ بھی جاری رکھے گا۔ پانچ اگست 2019 کے بعد سے وادی میں کرفیو، مواصلاتی پابندیاں اور گرفتاریاں جاری ہیں جن کی انسانی حقوق کی تنظیموں نے شدید مذمت کی ہے۔ جموں و کشمیر کے عوام نے ہمیشہ آزادی کی جدوجہد میں قربانیاں دی ہیں اور مقبوضہ وادی میں بھارتی مظالم کے خلاف آواز بلند کی ہے۔ کشمیری عوام کا حق خودارادیت اقوام متحدہ کی قراردادوں کے مطابق تسلیم شدہ ہے اور عالمی برادری کو اس مسئلے کے حل کے لیے اپنا کردار ادا کرنا چاہیے۔ پاکستان نے ہر فورم پر کشمیریوں کی سیاسی، سفارتی اور اخلاقی حمایت جاری رکھی ہے اور آئندہ بھی جاری رکھے گا۔ پانچ اگست 2019 کے بعد سے وادی میں کرفیو، مواصلاتی پابندیاں اور گرفتاریاں جاری ہیں جن کی انسانی حقوق کی تنظیموں نے شدید مذمت کی ہے۔ جموں و کشمیر کے عوام نے ہمیشہ آزادی کی جدوجہد میں قربانیاں دی ہیں اور مقبوضہ وادی میں بھارتی مظالم کے خلاف آواز بلند کی ہے۔ کشمیری عوام کا حق خودارادیت اقوام متحدہ کی قراردادوں کے مطابق تسلیم شدہ ہے اور عالمی برادری کو اس مسئلے کے حل کے لیے اپنا کردار ادا کرنا چاہیے۔ پاکستان نے ہر فورم پر کشمیریوں کی سیاسی، سفارتی اور اخلاقی حمایت جاری رکھی ہے اور آئندہ بھی جاری رکھے گا۔ پانچ اگست 2019
ج
جموں و کشمیر کالمز
☆
17
جموں و کشمیر کے عوام نے ہمیشہ آزادی کی جدوجہد میں قربانیاں دی ہیں اور مقبوضہ وادی میں بھارتی مظالم کے خلاف آواز بلند کی ہے۔ کشمیری عوام کا حق خودارادیت اقوام متحدہ کی قراردادوں کے مطابق تسلیم شدہ ہے اور عالمی برادری کو اس مسئلے کے حل کے لیے اپنا کردار ادا کرنا چاہیے۔ پاکستان نے ہر فورم پر کشمیریوں کی سیاسی، سفارتی اور اخلاقی حمایت جاری رکھی ہے اور آئندہ بھی جاری رکھے گا۔ پانچ اگست 2019 کے بعد سے وادی میں کرفیو، مواصلاتی پابندیاں اور گرفتاریاں جاری ہیں جن کی انسانی حقوق کی تنظیموں نے شدید مذمت کی ہے۔ جموں و کشمیر کے عوام نے ہمیشہ آزادی کی جدوجہد میں قربانیاں دی ہیں اور مقبوضہ وادی میں بھارتی مظالم کے خلاف آواز بلند کی ہے۔ کشمیری عوام کا حق خودارادیت اقوام متحدہ کی قراردادوں کے مطابق تسلیم شدہ ہے اور عالمی برادری کو اس مسئلے کے حل کے لیے اپنا کردار ادا کرنا چاہیے۔ پاکستان نے ہر فورم پر کشمیریوں کی سیاسی، سفارتی اور اخلاقی حمایت جاری رکھی ہے اور آئندہ بھی جاری رکھے گا۔ پانچ اگست 2019 کے بعد سے وادی میں کرفیو، مواصلاتی پابندیاں اور گرفتاریاں جاری ہیں جن کی انسانی حقوق کی تنظیموں نے شدید مذمت کی ہے۔ جموں و کشم
ج
جموں و کشمیر کالمز
☆
18
جموں و کشمیر کے عوام نے ہمیشہ آزادی کی جدوجہد میں قربانیاں دی ہیں اور مقبوضہ وادی میں بھارتی مظالم کے خلاف آواز بلند کی ہے۔ کشمیری عوام کا حق خودارادیت اقوام متحدہ کی قراردادوں کے مطابق تسلیم شدہ ہے اور عالمی برادری کو اس مسئلے کے حل کے لیے اپنا کردار ادا کرنا چاہیے۔ پاکستان نے ہر فورم پر کشمیریوں کی سیاسی، سفارتی اور اخلاقی حمایت جاری رکھی ہے اور آئندہ بھی جاری رکھے گا۔ پانچ اگست 2019 کے بعد سے وادی میں کرفیو، مواصلاتی پابندیاں اور گرفتاریاں جاری ہیں جن کی انسانی حقوق کی تنظیموں نے شدید مذمت کی ہے۔ جموں و کشمیر کے عوام نے ہمیشہ آزادی کی جدوجہد میں قربانیاں دی ہیں اور مقبوضہ وادی میں بھارتی مظالم کے خلاف آواز بلند کی ہے۔ کشمیری عوام کا حق خودارادیت اقوام متحدہ کی قراردادوں کے مطابق تسلیم شدہ ہے اور عالمی برادری کو اس مسئلے کے حل کے لیے اپنا کردار ادا کرنا چاہیے۔ پاکستان نے ہر فورم پر کشمیریوں کی سیاسی، سفارتی اور اخلاقی حمایت جاری رکھی ہے اور آئندہ بھی جاری رکھے گا۔ پانچ اگست 2019 کے بعد سے وادی میں کرفیو، مواصلاتی پابندیاں اور گرفتاریاں جاری ہیں جن کی انسانی حقوق کی تنظیموں نے شدید مذمت کی ہے۔ جموں و کشمیر کے عوام نے ہمیشہ آزادی کی جدوجہد میں قربانیاں دی ہیں اور مقبوضہ وادی میں بھارتی مظالم کے خلاف آواز بلند کی ہے۔ کشمیری عوام کا حق خودارادیت اقوام متحدہ کی قراردادوں کے مطابق تسلیم شدہ ہے اور عالمی برادری کو اس مسئلے کے حل کے لیے اپنا کردار ادا کرنا چاہیے۔ پاکستان نے ہر فورم پر کشمیریوں کی سیاسی، سفارتی اور اخلاقی حمایت جاری رکھی ہے اور آئندہ بھی جاری رکھے گا۔ پانچ اگست 2019 کے بعد سے وادی میں کرفیو، مواصلاتی پابندیاں اور گرفتاریاں جاری ہیں جن کی انسانی حقوق کی تنظیموں نے شدید مذمت کی ہے۔ جموں و کشمیر کے عوام نے ہمیشہ آزادی کی جدوجہد میں قربانیاں دی ہیں اور مقبوضہ وادی میں بھارتی مظالم کے خلاف آواز بلند کی ہے۔ کشمیری عوام کا حق خودارادیت اقوام متحدہ کی قراردادوں کے مطابق تسلیم شدہ ہے اور عالمی برادری کو اس مسئلے کے حل کے لیے اپنا کردار ادا کرنا چاہیے۔ پاکستان نے ہر فورم پر کشمیریوں کی سیاسی، سفارتی اور اخلاقی حمایت جاری رکھی ہے اور آئندہ بھی جاری رکھے گا۔ پانچ اگست 2019 کے بعد سے وادی میں کرفیو، مواصلاتی پابندیاں اور گرفتاریاں جاری ہیں جن کی انسانی حقوق کی تنظیموں نے شدید مذمت کی ہے۔ جموں و کشمیر کے عوام نے ہمیشہ آزادی کی جدوجہد میں قربانیاں دی ہیں اور مقبوضہ وادی میں بھ
ج
جموں و کشمیر کالمز
☆
19
جموں و کشمیر کے عوام نے ہمیشہ آزادی کی جدوجہد میں قربانیاں دی ہیں اور مقبوضہ وادی میں بھارتی مظالم کے خلاف آواز بلند کی ہے۔ کشمیری عوام کا حق خودارادیت اقوام متحدہ کی قراردادوں کے مطابق تسلیم شدہ ہے اور عالمی برادری کو اس مسئلے کے حل کے لیے اپنا کردار ادا کرنا چاہیے۔ پاکستان نے ہر فورم پر کشمیریوں کی سیاسی، سفارتی اور اخلاقی حمایت جاری رکھی ہے اور آئندہ بھی جاری رکھے گا۔ پانچ اگست 2019 کے بعد سے وادی میں کرفیو، مواصلاتی پابندیاں اور گرفتاریاں جاری ہیں جن کی انسانی حقوق کی تنظیموں نے شدید مذمت کی ہے۔ جموں و کشمیر کے عوام نے ہمیشہ آزادی کی جدوجہد میں قربانیاں دی ہیں اور مقبوضہ وادی میں بھارتی مظالم کے خلاف آواز بلند کی ہے۔ کشمیری عوام کا حق خودارادیت اقوام متحدہ کی قراردادوں کے مطابق تسلیم شدہ ہے اور عالمی برادری کو اس مسئلے کے حل کے لیے اپنا کردار ادا کرنا چاہیے۔ پاکستان نے ہر فورم پر کشمیریوں کی سیاسی، سفارتی اور اخلاقی حمایت جاری رکھی ہے اور آئندہ بھی جاری رکھے گا۔ پانچ اگست 2019 کے بعد سے وادی میں کرفیو، مواصلاتی پابندیاں اور گرفتاریاں جاری ہیں جن کی انسانی حقوق کی تنظیموں نے شدید مذمت کی ہے۔ جموں و کشمیر کے عوام نے ہمیشہ آزادی کی جدوجہد میں قربانیاں دی ہیں اور مقبوضہ وادی میں بھارتی مظالم کے خلاف آواز بلند کی ہے۔ کشمیری عوام کا حق خودارادیت اقوام متحدہ کی قراردادوں کے مطابق تسلیم شدہ ہے اور عالمی برادر
ج
جموں و کشمیر کالمز
☆
20
جموں و کشمیر کے عوام نے ہمیشہ آزادی کی جدوجہد میں قربانیاں دی ہیں اور مقبوضہ وادی میں بھارتی مظالم کے خلاف آواز بلند کی ہے۔ کشمیری عوام کا حق خودارادیت اقوام متحدہ کی قراردادوں کے مطابق تسلیم شدہ ہے اور عالمی برادری کو اس مسئلے کے حل کے لیے اپنا کردار ادا کرنا چاہیے۔ پاکستان نے ہر فورم پر کشمیریوں کی سیاسی، سفارتی اور اخلاقی حمایت جاری رکھی ہے اور آئندہ بھی جاری رکھے گا۔ پانچ اگست 2019 کے بعد سے وادی میں کرفیو، مواصلاتی پابندیاں اور گرفتاریاں جاری ہیں جن کی انسانی حقوق کی تنظیموں نے شدید مذمت کی ہے۔ جموں و کشمیر کے عوام نے ہمیشہ آزادی کی جدوجہد میں قربانیاں دی ہیں اور مقبوضہ وادی میں بھارتی مظالم کے خلاف آواز بلند کی ہے۔ کشمیری عوام کا حق خودارادیت اقوام متحدہ کی قراردادوں کے مطابق تسلیم شدہ ہے اور عالمی برادری کو اس مسئلے کے حل کے لیے اپ
ج
جموں و کشمیر کالمز
☆
21
جموں و کشمیر کے عوام نے ہمیشہ آزادی کی جدوجہد میں قربانیاں دی ہیں اور مقبوضہ وادی میں بھارتی مظالم کے خلاف آواز بلند کی ہے۔ کشمیری عوام کا حق خودارادیت اقوام متحدہ کی قراردادوں کے مطابق تسلیم شدہ ہے اور ع
ج
جموں و کشمیر کالمز
☆
22
جموں و کشمیر کے عوام نے ہمیشہ آزادی کی جدوجہد میں قربانیاں دی ہیں اور مقبوضہ وادی میں بھارتی مظالم کے خلاف آواز بلند کی ہے۔ کشمیری عوام کا حق خودارادیت اقوام متحدہ کی قراردادوں کے مطابق تسلیم شدہ ہے اور عالمی برادری کو اس مسئلے کے حل کے لیے اپنا کردار ادا کرنا چاہیے۔ پاکستان نے ہر فورم پر کشمیریوں کی سیاسی، سفارتی اور اخلاقی حمایت جاری رکھی ہے اور آئندہ بھی جاری رکھے گا۔ پانچ اگست 2019 کے بعد سے وادی میں کرفیو، مواصلاتی پابندیاں اور گرفتاریاں جاری ہیں جن کی انسانی حقوق کی تنظیموں نے شدید مذمت کی ہے۔ جموں و کشمیر کے عوام نے ہمیشہ آزادی کی جدوجہد میں قربانیاں دی ہیں اور مقبوضہ وادی میں بھارتی مظالم کے خلاف آواز بلند کی ہے۔ کشمیری عوام کا حق خودارادیت اقوام متحدہ کی قراردادوں کے مطابق تسلیم شدہ ہے اور عالمی برادری کو اس مسئلے کے حل کے لیے اپنا کردار ادا کرنا چاہیے۔ پاکستان نے ہر فورم پر کشمیریوں کی سیاسی، سفارتی اور اخلاقی حمایت جاری رکھی ہے اور آئندہ بھی جاری رکھے گا۔ پانچ اگست 2019 کے بعد سے وادی میں کرفیو، مواصلاتی پابندیاں اور گرفتاریاں جاری ہیں جن کی انسانی حقوق کی تنظیموں نے شدید مذمت کی ہے۔ جموں و کشمیر کے عوام نے ہمیشہ آزادی کی جدوجہد میں قربانیاں دی ہیں اور مقبوضہ وادی میں بھارتی مظالم کے خلاف آواز بلند کی ہے۔ کشمیری عوام کا حق خودارادیت اقوام متحدہ کی قراردادوں کے مطابق تسلیم شدہ ہے اور عالمی برادری کو اس مسئلے کے حل کے لیے اپنا کردار ادا کرنا چاہیے۔ پاکستان نے ہر فورم پر کشمیریوں کی سیاسی، سفارتی اور اخلاقی حمایت جاری رکھی ہے اور آئندہ بھی جاری رکھے گا۔ پانچ اگست 2019 کے بعد سے وادی میں کرفیو، مواصلاتی پابندیاں اور گرفتاریاں جاری ہیں جن کی انسانی حقوق کی تنظیموں نے شدید مذمت کی ہے۔ جموں و کشمیر کے عوام نے ہمیشہ آزادی کی جدوجہد میں قربانیاں دی ہیں اور مقبوضہ وادی میں بھارتی مظالم کے خلاف آواز بلند
ج
جموں و کشمیر کالمز
☆
23
جموں و کشمیر کے عوام نے ہمیشہ آزادی کی جدوجہد میں قربانیاں دی ہیں اور مقبوضہ وادی میں بھارتی مظالم کے خلاف آواز بلند کی ہے۔ کشمیری عوام کا حق خودارادیت اقوام متحدہ کی قراردادوں کے مطابق تسلیم شدہ ہے اور عالمی برادری کو اس مسئلے کے حل کے لیے اپنا کردار ادا کرنا چاہیے۔ پاکستان نے ہر فورم پر کشمیریوں کی سیاسی، سفارتی اور اخلاقی حمایت جاری رک
ج
جموں و کشمیر کالمز
☆
24
جموں و کشمیر کے عوام نے ہمیشہ آزادی کی جدوجہد میں قربانیاں دی ہیں اور مقبوضہ وادی میں بھارتی مظالم کے خلاف آواز بلند کی ہے۔ کشمیری عوام کا حق خودارادیت اقوام متحدہ کی قراردادوں کے مطابق تسلیم شدہ ہے اور عالمی برادری کو اس مسئلے کے حل کے لیے اپنا کردار ادا کرنا چاہیے۔ پاکستان نے ہر فورم پر کشمیریوں کی سیاسی، سفارتی اور اخلاقی حمایت جاری رکھی ہے اور آئندہ بھی جاری رکھے گا۔ پانچ اگست 2019 کے بعد سے وادی میں کرفیو، مواصلاتی پابندیاں اور گرفتاریاں جاری ہیں جن کی انسانی حقوق کی تنظیموں نے شدید مذمت کی ہے۔ جموں و کشمیر کے عوام نے ہمیشہ آزادی کی جدوجہد میں قربانیاں دی ہیں اور مقبوضہ وادی میں بھارتی مظالم کے خلاف آواز بلند کی ہے۔ کشمیری عوام کا حق خودارادیت اقوام متحدہ کی قراردادوں کے مطابق تسلیم شدہ ہے اور عالمی برادری کو اس مسئلے کے حل کے لیے اپنا کردار ادا کرنا چاہیے۔ پاکستان نے ہر فورم پر کشمیریوں کی سیاسی، سفارتی اور اخلاقی حمایت جاری رکھی ہے اور آئندہ بھی جاری رکھے گا۔ پانچ اگست 2019 کے بعد سے وادی میں کرفیو، مواصلاتی پابندیاں اور گرفتاریاں جاری ہیں جن کی انسانی حقوق کی تنظیموں نے شدید مذمت کی ہے۔ جموں و کشمیر کے عوام نے ہمیشہ آزادی کی جدوجہد میں قربانیاں دی ہیں اور مقبوضہ وادی میں بھارتی مظالم کے خلاف آواز بلند کی ہے۔ کشمیری عوام کا حق خودارادیت اقوام متحدہ کی قراردادوں کے مطابق تسلیم شدہ ہے اور عالمی برادری کو اس مسئلے کے حل کے لیے اپنا کردار ادا کرنا چاہیے۔ پاکستان نے ہر فورم پر کشمیریوں کی سیاسی، سفارتی اور اخلاقی حمایت جاری رکھی ہے اور آئندہ بھی جاری رکھے گا۔ پانچ اگست 2019 کے بعد سے وادی میں کرفیو، مواصلاتی پابندیاں اور گرفتاریاں جاری ہیں جن کی انسانی حقوق کی تنظیموں نے شدید مذمت کی ہے۔ جموں و کشمیر کے عوام نے ہمیشہ آزادی کی جدوجہد میں قربانیاں دی ہیں اور مقبوضہ وادی میں بھارتی مظالم کے خلاف آواز بلند کی ہے۔ کشمیری عوام کا حق خودارادیت اقوام متحدہ کی قراردادوں کے مطابق تسلیم شدہ ہے اور عالمی برادری کو اس مسئلے کے حل کے لیے اپنا کردار ادا کرنا چاہیے۔ پاکستان نے ہر فورم پر کشمیریوں کی سیاسی، سفارتی اور اخلاقی حمایت جاری رکھی ہے اور آئندہ بھی جاری رکھے گا۔ پانچ اگست 2019 کے بعد سے وادی میں کرفیو، مواصلاتی پابندیاں اور گرفتاریاں جاری ہیں جن کی انسانی حقوق کی تنظیموں نے شدید مذمت کی ہے۔ جموں و کشمیر کے عوام نے ہمیشہ آزادی کی جدوجہد میں قربانیاں دی ہیں اور مقبوضہ وادی میں بھ
ج
جموں و کشمیر کالمز
☆
25
جموں و کشمیر کے عوام نے ہمیشہ آزادی کی جدوجہد میں قربانیاں دی ہیں اور مقبوضہ وادی میں بھارتی مظالم کے خلاف آواز بلند کی ہے۔ کشمیری عوام کا حق خودارادیت اقوام متحدہ کی قراردادوں کے مطابق تسلیم شدہ ہے اور عالمی برادری کو اس مسئلے کے حل کے لیے اپنا کردار ادا کرنا چاہیے۔ پاکستان نے ہر فورم پر کشمیریوں کی سیاسی، سفارتی اور اخلاقی حمایت جاری رکھی ہے اور آئندہ بھی جاری رکھے گا۔ پانچ اگست 2019 کے بعد سے وادی میں کرفیو، مواصلاتی پابندیاں اور گرفتاریاں جاری ہیں جن کی انسانی حقوق کی تنظیموں نے شدید مذمت کی ہے۔ جموں و کشمیر کے عوام نے ہمیشہ آزادی کی جدوجہد میں قربانیاں دی ہیں اور مقبوضہ وادی میں بھارتی مظالم کے خلاف آواز بلند کی ہے۔ کشمیری عوام کا حق خودارادیت اقوام متحدہ کی قراردادوں کے مطابق تسلیم شدہ ہے اور عالمی برادری کو اس مسئلے کے حل کے لیے اپنا کردار ادا کرنا چاہیے۔ پاکستان نے ہر فورم پر کشمیریوں کی سیاسی، سف
ج
جموں و کشمیر کالمز
☆
26
جموں و کشمیر کے عوام نے ہمیشہ آزادی کی جدوجہد میں قربانیاں دی ہیں اور مقبوضہ وادی میں بھارتی مظالم کے خلاف آواز بلند کی ہے۔ کشمیری عوام کا حق خودارادیت اقوام متحدہ کی قراردادوں کے مطابق تسلیم شدہ ہے اور عالمی برادری کو اس مسئلے کے حل کے لیے اپنا کردار ادا کرنا چاہیے۔ پاکستان نے ہر فورم پر کشمیریوں کی سیاسی، سفارتی اور اخلاقی حمایت جاری رکھی ہے اور آئندہ بھی جاری رکھے گا۔ پانچ اگست 2019 کے بعد سے وادی میں کرفیو، مواصلاتی پابندیاں اور گرفتاریاں جاری ہیں جن کی انسانی حقوق کی تنظیموں نے شدید مذمت کی ہے۔ جموں و کشمیر کے عوام نے ہمیشہ آزادی کی جدوجہد میں قربانیاں دی ہیں اور مقبوضہ وادی میں بھارتی مظالم کے خلاف آواز بلند کی ہے۔ کشمیری عوام کا حق خودارادیت اقوام متحدہ کی قراردادوں کے مطابق تسلیم شدہ ہے اور عالمی برادری کو اس مسئلے کے حل کے لیے اپنا کردار ادا کرنا چاہیے۔ پاکستان نے ہر فورم پر کشمیریوں کی سیاسی، سفارتی اور اخلاقی حمایت جاری رکھی ہے اور آئندہ بھی جاری رکھے گا۔ پانچ اگست 2019 کے بعد سے وادی میں کرفیو، مواصلاتی پابندیاں اور گرفتاریاں جاری ہیں جن کی انسانی حقوق کی تنظیموں نے شدید مذمت کی ہے۔ جموں و کشمیر کے عوام نے ہمیشہ آزادی کی جدوجہد میں قربانیاں دی ہیں اور مقبوضہ وادی میں بھارتی مظالم کے خلاف آواز بلند کی ہے۔ کشمیری عوام کا حق خودارادیت اقوام متحدہ کی قراردادوں کے مطابق تسلیم شدہ ہے اور عالمی برادری کو اس مسئلے کے حل کے لیے اپنا کردار ادا کرنا چاہیے۔ پاکستان نے ہر فورم پر کشمیریوں کی سیاسی، سفارتی اور اخلاقی حمایت جاری رکھی ہے اور
ج
جموں و کشمیر کالمز
☆
27
جموں و کشمیر کے عوام نے ہمیشہ آزادی کی جدوجہد میں قربانیاں دی ہیں اور مقبوضہ وادی میں بھارتی مظالم کے خلاف آواز بلند کی ہے۔ کشمیری عوام کا حق خودارادیت اقوام متحدہ کی قراردادوں کے مطابق تسلیم شدہ ہے اور عالمی برادری کو اس مسئلے کے حل کے لیے اپنا کردار ادا کرنا چاہیے۔ پاکستان نے ہر فورم پر کشمیریوں کی سیاسی، سفارتی اور اخلاقی حمایت جاری رکھی ہے اور آئندہ بھی جاری رکھے گا۔ پانچ اگست 2019 کے بعد سے وادی میں
ج
جموں و کشمیر کالمز
☆
28
جموں و کشمیر کے عوام نے ہمیشہ آزادی کی جدوجہد میں قربانیاں دی ہیں اور مقبوضہ وادی میں بھارتی مظالم کے خلاف آواز بلند کی ہے۔ کشمیری عوام کا حق خودارادیت اقوام متحدہ کی قراردادوں کے مطابق تسلیم شدہ ہے اور عالمی برادری کو اس مسئلے کے حل کے لیے اپنا کردار ادا کرنا چاہیے۔ پاکستان نے ہر فورم پر کشمیریوں کی سیاسی، سفارتی اور اخلاقی حمایت جاری رکھی ہے اور آئندہ بھی جاری رکھے گا۔ پانچ اگست 2019 کے بعد سے وادی میں کرفیو، مواصلاتی پابندیاں اور گرفتاریاں جاری ہیں جن کی انسانی حقوق کی تنظیموں نے شدید مذمت کی ہے۔ جموں و کشمیر کے عوام نے ہمیشہ آزادی کی جدوجہد میں قربانیاں دی ہیں اور مقبوضہ وادی میں بھارتی مظالم کے خلاف آواز بلند کی ہے۔ کشمیری عوام کا حق خودارادیت اقوام متحدہ کی قراردادوں کے مطابق تسلیم شدہ ہے اور عالمی برادری کو اس مسئلے کے حل کے لیے اپنا کردار ادا کرنا چاہیے۔ پاکستان نے ہر فورم پر کشمیریوں کی سیاسی، سفارتی اور اخلاقی حمایت جاری رکھی ہے اور آئندہ بھی جاری رکھے گا۔ پانچ اگست 2019 کے بعد سے وادی میں کرفیو، مواصلاتی پابندیاں اور گرفتاریاں جاری ہیں جن کی انسانی حقوق کی تنظیموں نے شدید مذمت کی ہے۔ جموں و کشم
ج
جموں و کشمیر کالمز
☆
29
جموں و کشمیر کے عوام نے ہمیشہ آزادی کی جدوجہد میں قربانیاں دی ہیں اور مقبوضہ وادی میں بھارتی مظالم کے خلاف آواز بلند کی ہے۔ کشمیری عوام کا حق خودارادیت اقوام متحدہ کی قراردادوں کے مطابق تسلیم شدہ ہے اور ع
ج
جموں و کشمیر کالمز
☆
30
جموں و کشمیر کے عوام نے ہمیشہ آزادی کی جدوجہد میں قربانیاں دی ہیں اور مقبوضہ وادی میں بھارتی مظالم کے خلاف آواز بلند کی ہے۔ کشمیری عوام کا حق خودارادیت اقوام متحدہ کی قراردادوں کے مطابق تسلیم شدہ ہے اور ع
ج
جموں و کشمیر کالمز
☆
31
جموں و کشمیر کے عوام نے ہمیشہ آزادی کی جدوجہد میں قربانیاں دی ہیں اور مقبوضہ وادی میں بھارتی مظالم کے خلاف آواز بلند کی ہے۔ کشمیری عوام کا حق خودارادیت اقوام متحدہ کی قراردادوں کے مطابق تسلیم شدہ ہے اور ع
ج
جموں و کشمیر کالمز
☆
32
جموں و کشمیر کے عوام نے ہمیشہ آزادی کی جدوجہد میں قربانیاں دی ہیں اور مقبوضہ وادی میں بھارتی مظالم کے خلاف آواز بلند کی ہے۔ کشمیری عوام کا حق خودارادیت اقوام متحدہ کی قراردادوں کے مطابق تسلیم شدہ ہے اور عالمی برادری کو اس مسئلے کے حل کے لیے اپنا کردار ادا کرنا چاہیے۔ پاکستان نے ہر فورم پر کشمیریوں کی سیاسی، سفارتی اور اخلاقی حمایت جاری رکھی ہے اور آئندہ بھی جاری رکھے گا۔ پانچ اگست 2019 کے بعد سے وادی میں کرفیو، مواصلاتی پابندیاں اور گرفتاریاں جاری ہیں جن کی انسانی حقوق کی تنظیموں نے شدید مذمت کی ہے۔ جموں و کشمیر کے عوام نے ہمیشہ آزادی کی جدوجہد میں قربانیاں دی ہیں اور مقبوضہ وادی میں بھارتی مظالم کے خلاف
ج
جموں و کشمیر کالمز
☆
33
جموں و کشمیر کے عوام نے ہمیشہ آزادی کی جدوجہد میں قربانیاں دی ہیں اور مقبوضہ وادی میں بھارتی مظالم کے خلاف آواز بلند کی ہے۔ کشمیری عوام کا حق خودارادیت اقوام متحدہ کی قراردادوں کے مطابق تسلیم شدہ ہے اور عالمی برادری کو اس مسئلے کے حل کے لیے اپنا کردار ادا کرنا چاہیے۔ پاکستان نے ہر فورم پر کشمیریوں کی سیاسی، سفارتی اور اخلاقی حمایت جاری رکھی ہے اور آئندہ بھی جاری رکھے گا۔ پانچ اگست 2019 کے بعد سے وادی میں
جموں و کشمیر کے عوام نے ہمیشہ آزادی کی جدوجہد میں قربانیاں دی ہیں اور مقبوضہ وادی میں بھارتی مظالم کے خلاف آواز بلند کی ہے۔ کشمیری عوام کا حق خودارادیت اقوام متحدہ کی قراردادوں کے مطابق تسلیم شدہ ہے اور عالمی برادری کو اس مسئلے کے حل کے لیے اپنا کردار ادا کرنا چاہیے۔ پاکستان نے ہر فورم پر کشمیریوں کی سیاسی، سفارتی اور اخلاقی حمایت جاری رکھی ہے اور آئندہ بھی جاری رکھے گا۔ پانچ اگست 2019 کے بعد سے وادی میں کرفیو، مواصلاتی پابندیاں اور گرفتاریاں جاری ہیں جن کی انسانی حقوق کی تنظیموں نے شدید مذمت کی ہے۔ جموں و کشمیر کے عوام نے ہمیشہ آزادی کی جدوجہد میں قربانیاں دی ہیں اور مقبوضہ وادی میں بھارتی مظالم کے خلاف آواز بلند کی ہے۔ کشمیری عوام کا حق خودارادیت اقوام متحدہ کی قراردادوں کے مطابق تسلیم شدہ ہے اور عالمی برادری کو اس مسئلے کے حل کے لیے اپنا کردار ادا کرنا چاہیے۔ پاکستان نے ہر فورم پر کشمیریوں کی سیاسی، سفارتی اور اخلاقی حمایت جاری رکھی ہے اور آئندہ بھی جاری رکھے گا۔ پانچ اگست 2019 کے بعد سے وادی میں کرفیو، مواصلاتی پابندیاں اور گرفتاریاں جاری ہیں جن کی انسانی حقوق کی تنظیموں نے شدید مذمت کی ہے۔ جموں و کشم
ج
جموں و کشمیر کالمز
☆
34
جموں و کشمیر کے عوام نے ہمیشہ آزادی کی جدوجہد میں قربانیاں دی ہیں اور مقبوضہ وادی میں بھارتی مظالم کے خلاف آواز بلند کی ہے۔ کشمیری عوام کا حق خودارادیت اقوام متحدہ کی قراردادوں کے مطابق تسلیم شدہ ہے اور عالمی برادری کو اس مسئلے کے حل کے لیے اپنا کردار ادا کرنا چاہیے۔ پاکستان نے ہر فورم پر کشمیریوں کی سیاسی، سفارتی اور اخلاقی حمایت جاری رکھی ہے اور آئندہ بھی جاری رکھے گا۔ پانچ اگست 2019 کے بعد سے وادی میں کرفیو، مواصلاتی پابندیاں اور گرفتاریاں جاری ہیں جن کی انسانی حقوق کی تنظیموں نے شدید مذمت کی ہے۔ جموں و کشمیر کے عوام نے ہمیشہ آزادی کی جدوجہد میں قربانیاں دی ہیں اور مقبوضہ وادی میں بھارتی مظالم کے خلاف آواز بلند کی ہے۔ کشمیری عوام کا حق خودارادیت اقوام متحدہ کی قراردادوں کے مطابق تسلیم شدہ ہے اور عالمی برادری کو اس مسئلے کے حل کے لیے اپنا کردار ادا کرنا چاہیے۔ پاکستان نے ہر فورم پر کشمیریوں کی سیاسی، سفارتی اور اخلاقی حمایت جاری رکھی ہے اور آئندہ بھی جاری رکھے گا۔ پانچ اگست 2019 کے بعد سے وادی میں کرفیو، مواصلاتی پابندیاں اور گرفتاریاں جاری ہیں جن کی انسانی حقوق کی تنظیموں نے شدید مذمت کی ہے۔ جموں و کشمیر کے عوام نے ہمیشہ آزادی کی جدوجہد میں قربانیاں دی ہیں اور مقبوضہ وادی میں بھارتی مظالم کے خلاف آواز بلند کی ہے۔ کشمیری عوام کا حق خودارادیت اقوام متحدہ کی قراردادوں کے مطابق تسلیم شدہ ہے اور عالمی برادری کو اس مسئلے کے حل کے لیے اپنا کردار ادا کرنا چاہیے۔ پاکستان نے ہر فورم پر کشمیریوں کی سیاسی، سفارتی اور اخلاقی حمایت جاری رکھی ہے اور آئندہ بھی جاری رکھے گا۔ پانچ اگست 2019 کے بعد سے وادی میں کرفیو، مواصلاتی پابندیاں اور گرفتاریاں جاری ہیں جن کی انسانی حقوق کی تنظیموں ن
ج
جموں و کشمیر کالمز
☆
40
جموں و کشمیر کے عوام نے ہمیشہ آزادی کی جدوجہد میں قربانیاں دی ہیں اور مقبوضہ وادی میں بھارتی مظالم کے خلاف آواز بلند کی ہے۔ کشمیری عوام کا حق خودارادیت اقوام متحدہ کی قراردادوں کے مطابق تسلیم شدہ ہے اور ع
ج
جموں و کشمیر کالمز
☆
41
جموں و کشمیر کے عوام نے ہمیشہ آزادی کی جدوجہد میں قربانیاں دی ہیں اور مقبوضہ وادی میں بھارتی مظالم کے خلاف آواز بلند کی ہے۔ کشمیری عوام کا حق خودارادیت اقوام متحدہ کی قراردادوں کے مطابق تسلیم شدہ ہے اور عالمی برادری کو اس مسئلے کے حل کے لیے اپنا کردار ادا کرنا چاہیے۔ پاکستان نے ہر فورم پر کشمیریوں کی سیاسی، سفارتی اور اخلاقی حمایت جاری رکھی ہے اور آئندہ بھی جاری رکھے گا۔ پانچ اگست 2019 کے بعد سے وادی میں کرفیو، مواصلاتی پابندیاں اور گرفتاریاں جاری ہیں جن کی انسانی حقوق کی تنظیموں نے شدید مذمت کی ہے۔ جموں و کشمیر کے عوام نے ہمیشہ آزادی کی جدوجہد میں قربانیاں دی ہیں اور مقبوضہ وادی میں بھارتی مظالم کے خلاف آواز بلند کی ہے۔ کشمیری عوام کا حق خودارادیت اقوام متحدہ کی قراردادوں کے مطابق تسلیم شدہ ہے اور عالمی برادری کو اس مسئلے کے حل کے لیے اپنا کردار ادا کرنا چاہیے۔ پاکستان نے ہر فورم پر کشمیریوں کی سیاسی، سفارتی اور اخلاقی حمایت جاری رکھی ہے اور آئندہ بھی جاری رکھے گا۔ پانچ
ج
جموں و کشمیر کالمز
☆
42
جموں و کشمیر کے عوام نے ہمیشہ آزادی کی جدوجہد میں قربانیاں دی ہیں اور مقبوضہ وادی میں بھارتی مظالم کے خلاف آواز بلند کی ہے۔ کشمیری عوام کا حق خودارادیت اقوام متحدہ کی قراردادوں کے مطابق تسلیم شدہ ہے اور عالمی برادری کو اس مسئلے کے حل کے لیے اپنا کردار ادا کرنا چاہیے۔ پاکستان نے ہر فورم پر کشمیریوں کی سیاسی، سفارتی اور اخلاقی حمایت جاری رکھی ہے اور آئندہ بھی جاری رکھے گا۔ پانچ اگست 2019 کے بعد سے وادی میں کرفیو، مواصلاتی پابندیاں اور گرفتاریاں جاری ہیں جن کی انسانی حقوق کی تنظیموں نے شدید مذمت کی ہے۔ جموں و کشمیر کے عوام نے ہمیشہ آزادی کی
ج
جموں و کشمیر کالمز
☆
43
جموں و کشمیر کے عوام نے ہمیشہ آزادی کی جدوجہد میں قربانیاں دی ہیں اور مقبوضہ وادی میں بھارتی مظالم کے خلاف آواز بلند کی ہے۔ کشمیری عوام کا حق خودارادیت اقوام متحدہ کی قراردادوں کے مطابق تسلیم شدہ ہے اور عالمی برادری کو اس مسئلے کے حل کے لیے اپنا کردار ادا کرنا چاہیے۔ پاکستان نے ہر فورم پر کشمیریوں کی سیاسی، سفارتی اور اخلاقی حمایت جاری رکھی ہے اور آئندہ بھی جاری رکھے گا۔ پانچ اگست 2019 کے بعد سے وادی میں کرفیو، مواصلاتی پابندیاں اور گرفتاریاں جاری ہیں جن کی انسانی حقوق کی تنظیموں نے شدید مذمت کی ہے۔ جموں و کشمیر کے عوام نے ہمیشہ آزادی کی جدوجہد میں قربانیاں دی ہیں اور مقبوضہ وادی میں بھارتی مظالم کے خلاف آواز بلند کی ہے۔ کشمیری عوام کا حق خودارادیت اقوام متحدہ کی قراردادوں کے مطابق تسلیم شدہ ہے اور عالمی برادری کو اس مسئلے کے حل کے لیے اپنا کردار ادا کرنا چاہیے۔ پاکستان نے ہر فورم پر کشمیریوں کی سیاسی، سف
ج
جموں و کشمیر کالمز
☆
44
جموں و کشمیر کے عوام نے ہمیشہ آزادی کی جدوجہد میں قربانیاں دی ہیں اور مقبوضہ وادی میں بھارتی مظالم کے خلاف آواز بلند کی ہے۔ کشمیری عوام
ج
جموں و کشمیر کالمز
☆
45
جموں و کشمیر کے عوام نے ہمیشہ آزادی کی جدوجہد میں قربانیاں دی ہیں اور مقبوضہ وادی میں بھارتی مظالم کے خلاف آواز بلند کی ہے۔ کشمیری عوام کا حق خودارادیت اقوام متحدہ کی قراردادوں کے مطابق تسلیم شدہ ہے اور عالمی برادری کو اس مسئلے کے حل کے لیے اپنا کردار ادا کرنا چاہیے۔ پاکستان نے ہر فورم پر کشمیریوں کی سیاسی، سفارتی اور اخلاقی حمایت جاری رکھی ہے اور آئندہ بھی جاری رکھے گا۔ پانچ اگست 2019 کے بعد سے وادی میں کرفیو، مواصلاتی پابندیاں اور گرفتاریاں جاری ہیں جن کی انسانی حقوق کی تنظیموں نے شدید مذمت کی ہے۔ جموں و کشمیر کے عوام نے ہمیشہ آزادی کی جدوجہد میں قربانیاں دی ہیں اور مقبوضہ وادی میں بھارتی مظالم کے خلاف آواز بلند کی ہے۔ کشمیری عوام کا حق خودارادیت اقوام متحدہ کی قراردادوں کے مطابق تسلیم شدہ ہے اور عالمی برادری کو اس مسئلے کے حل کے لیے اپنا کردار ادا کرنا چاہیے۔ پاکستان نے ہر فورم پر کشمیریوں کی سیاسی، سفارتی اور اخلاقی حمایت جاری رکھی ہے اور آئندہ بھی جاری رکھے گا۔ پانچ اگست 2019 کے بعد سے وادی میں کرفیو، مواصلاتی پابندیاں اور گرفتاریاں
ج
جموں و کشمیر کالمز
☆
46
جموں و کشمیر کے عوام نے ہمیشہ آزادی کی جدوجہد میں قربانیاں دی ہیں اور مقبوضہ وادی میں بھارتی مظالم کے خلاف آواز بلند کی ہے۔ کشمیری عوام کا حق خودارادیت اقوام متحدہ کی قراردادوں کے مطابق تسلیم شدہ ہے اور عالمی برادری کو اس مسئلے کے حل کے لیے اپنا کردار ادا کرنا چاہیے۔ پاکستان نے ہر فورم پر کشمیریوں کی سیاسی، سفارتی اور اخلاقی حمایت جاری رکھی ہے اور آئندہ بھی جاری رکھے گا۔ پانچ اگست 2019 کے بعد سے وادی میں کرفیو، مواصلاتی پابندیاں اور گرفتاریاں جاری ہیں جن کی انسانی حقوق کی تنظیموں نے شدید مذمت کی ہے۔ جموں و کشمیر کے عوام نے ہمیشہ آزادی کی جدوجہد میں قربانیاں دی ہیں اور مقبوضہ وادی میں بھارتی مظالم کے خلاف آواز بلند کی ہے۔ کشمیری عوام کا حق خودارادیت اقوام متحدہ کی قراردادوں کے مطابق تسلیم شدہ ہے اور عالمی برادری کو اس مسئلے کے حل کے لیے اپنا کردار ادا کرنا چاہیے۔ پاکستان نے ہر فورم پر کشمیریوں کی سیاسی، سفارتی اور اخلاقی حمایت جاری رکھی ہے اور آئندہ بھی جاری رکھے گا۔ پانچ اگست 2019 کے بعد سے وادی میں کرفیو، مواصلاتی پابندیاں اور گرفتاریاں جاری ہیں جن کی انسانی حقوق کی تنظیموں نے شدید مذمت کی ہے۔ جموں و کشمیر کے عوام نے ہمیشہ آزادی کی جدوجہد میں قربانیاں دی ہیں اور مقبوضہ وادی میں بھارتی مظالم کے خلاف آواز بلند کی ہے۔ کشمیری عوام کا حق خودارادیت اقوام متحدہ کی قراردادوں کے مطابق تسلیم شدہ ہے اور عالمی برادری کو اس مسئلے کے حل کے لیے اپنا کردار ادا کرنا چاہیے۔ پاکستان نے ہر
ج
جموں و کشمیر کالمز
☆
47
جموں و کشمیر کے عوام نے ہمیشہ آزادی کی جدوجہد میں قربانیاں دی ہیں اور مقبوضہ وادی میں بھارتی مظالم کے خلاف آواز بلند کی ہے۔ کشمیری عوام کا حق خودارادیت اقوام متحدہ کی قراردادوں کے مطابق تسلیم شدہ ہے اور عالمی برادری کو اس مسئلے کے حل کے لیے اپنا کردار ادا کرنا چاہیے۔ پاکستان نے ہر فورم پر کشمیریوں کی سیاسی، سفارتی اور اخلاقی حمایت جاری رکھی ہے اور آئندہ بھی جاری رکھے گا۔ پانچ اگست 2019 کے بعد سے وادی میں کرفیو، مواصلاتی پابندیاں اور گرفتاریاں جاری ہیں جن کی انسانی حقوق کی تنظیموں نے شدید مذمت کی ہے۔ جموں و کشمیر کے عوام نے ہمیشہ آزادی کی جدوجہد میں قربانیاں دی ہیں اور مقبوضہ وادی میں بھارتی مظالم کے خلاف آواز بلند کی ہے۔ کشمیری عوام کا حق خودارادیت اقوام متحدہ کی قراردادو
ج
جموں و کشمیر کالمز
☆
48
جموں و کشمیر کے عوام نے ہمیشہ آزادی کی جدوجہد میں قربانیاں دی ہیں اور مقبوضہ وادی میں بھارتی مظالم کے خلاف آواز بلند کی ہے۔ کشمیری عوام کا حق خودارادیت اقوام متحدہ کی قراردادوں کے مطابق تسلیم شدہ ہے اور عالمی برادری کو اس مسئلے کے حل کے لیے اپنا کردار ادا کرنا چاہیے۔ پاکستان نے ہر فورم پر کشمیریوں کی سیاسی، سفارتی اور اخلاقی حمایت جاری رکھی ہے اور آئندہ بھی جاری رکھے گا۔ پانچ اگست 2019 کے بعد سے وادی میں کرفیو، مواصلاتی پابندیاں اور گرفتاریاں جاری ہیں جن کی انسانی حقوق کی تنظیموں نے شدید مذمت کی ہے۔ جموں و کشمیر کے عوام نے ہمیشہ آزادی کی
ج
جموں و کشمیر کالمز
☆
49
جموں و کشمیر کے عوام نے ہمیشہ آزادی کی جدوجہد میں قربانیاں دی ہیں اور مقبوضہ وادی میں بھارتی مظالم کے خلاف آواز بلند کی ہے۔ کشمیری عوام کا حق خودارادیت اقوام متحدہ کی قراردادوں کے مطابق تسلیم شدہ ہے اور عالمی برادری کو اس مسئلے کے حل کے لیے اپنا کردار ادا کرنا چاہیے۔ پاکس
ج
جموں و کشمیر کالمز
☆
50
جموں و کشمیر کے عوام نے ہمیشہ آزادی کی جدوجہد میں قربانیاں دی ہیں اور مقبوضہ وادی میں بھارتی مظالم کے خلاف آواز بلند کی ہے۔ کشمیری عوام کا حق خودارادیت اقوام متحدہ کی قراردادوں کے مطابق تسلیم شدہ ہے اور عالمی برادری کو اس مسئلے کے حل کے لیے اپنا کردار ادا کرنا چاہیے۔ پاکستان نے ہر فورم پر کشمیریوں کی سیاسی، سفارتی اور اخلاقی حمایت جاری رکھی ہے اور آئندہ بھی جاری رکھے گا۔ پانچ اگست 2019 کے بعد سے وادی میں کرفیو، مواصلاتی پابندیاں اور گرفتاریاں جاری ہیں جن کی انسانی حقوق کی تنظیموں نے شدید مذمت کی ہے۔ جموں و کشمیر کے عوام نے ہمیشہ آزادی کی جدوجہد میں قربانیاں دی ہیں اور مقبوضہ وادی میں بھارتی مظالم کے خلاف آواز بلند کی ہے۔ کشمیری عوام کا حق خودارادیت اقوام متحدہ کی قراردادوں کے مطابق تسلیم شدہ ہے اور عالمی برادری کو اس مسئلے کے حل کے لیے اپنا کردار ادا کرنا چاہیے۔ پاکستان نے ہر فورم پر کشمیریوں کی سیاسی، سفارتی اور اخلاقی حمایت جاری رکھی ہے اور آئندہ بھی جاری رکھے گا۔ پانچ
ج
جموں و کشمیر کالمز
☆
51
جموں و کشمیر کے عوام نے ہمیشہ آزادی کی جدوجہد میں قربانیاں دی ہیں اور مقبوضہ وادی میں بھارتی مظالم کے خلاف آواز بلند کی ہے۔ کشمیری عوام کا حق خودارادیت اقوام متحدہ کی قراردادوں کے مطابق تسلیم شدہ ہے اور عالمی برادری کو اس مسئلے کے حل کے لیے اپنا کردار ادا کرنا چاہیے۔ پاکس
ج
جموں و کشمیر کالمز
☆
52
جموں و کشمیر کے عوام نے ہمیشہ آزادی کی جدوجہد میں قربانیاں دی ہیں اور مقبوضہ وادی میں بھارتی مظالم کے خلاف آواز بلند کی ہے۔ کشمیری عوام کا حق خودارادیت اقوام متحدہ کی قراردادوں کے مطابق تسلیم شدہ ہے اور عالمی برادری کو اس مسئلے کے حل کے لیے اپنا کردار ادا کرنا چاہیے۔ پاکستان نے ہر فورم پر کشمیریوں کی سیاسی، سفارتی اور اخلاقی حمایت جاری رک
ج
جموں و کشمیر کالمز
☆
53
جموں و کشمیر کے عوام نے ہمیشہ آزادی کی جدوجہد میں قربانیاں دی ہیں اور مقبوضہ وادی میں بھارتی مظالم کے خلاف آواز بلند کی ہے۔ کشمیری عوام کا حق خودارادیت اقوام متحدہ کی قراردادوں کے مطابق تسلیم شدہ ہے اور عالمی برادری کو اس مسئلے کے حل کے لیے اپنا کردار ادا کرنا چاہیے۔ پاکستان نے ہر فورم پر کشمیریوں کی سیاسی، سفارتی اور اخلاقی حمایت جاری رکھی ہے اور آئندہ بھی جاری رکھے گا۔ پانچ اگست 2019 کے بعد سے وادی میں کرفیو، مواصلاتی پابندیاں اور گرفتاریاں جاری ہیں جن کی انسانی حقوق کی تنظیموں نے شدید مذمت کی ہے۔ جموں و کشمیر کے عوام نے ہمیشہ آزادی کی جدوجہد میں قربانیاں دی ہیں اور مقبوضہ وادی میں بھارتی مظالم کے خلاف
عاق نامہ
میں مسمی محمد ولد ساکن ضلع مظفرآباد اپنے بیٹے کو اس کی نافرمانی اور غلط روش کی بنا پر اپنی جائیداد منقولہ و غیر منقولہ سے عاق کرتا ہوں، آئندہ اس کے کسی بھی لین دین کا میں ذمہ دار نہ ہوں گا۔
المشتہر: محمد خان، ساکنہ مظفرآباد
